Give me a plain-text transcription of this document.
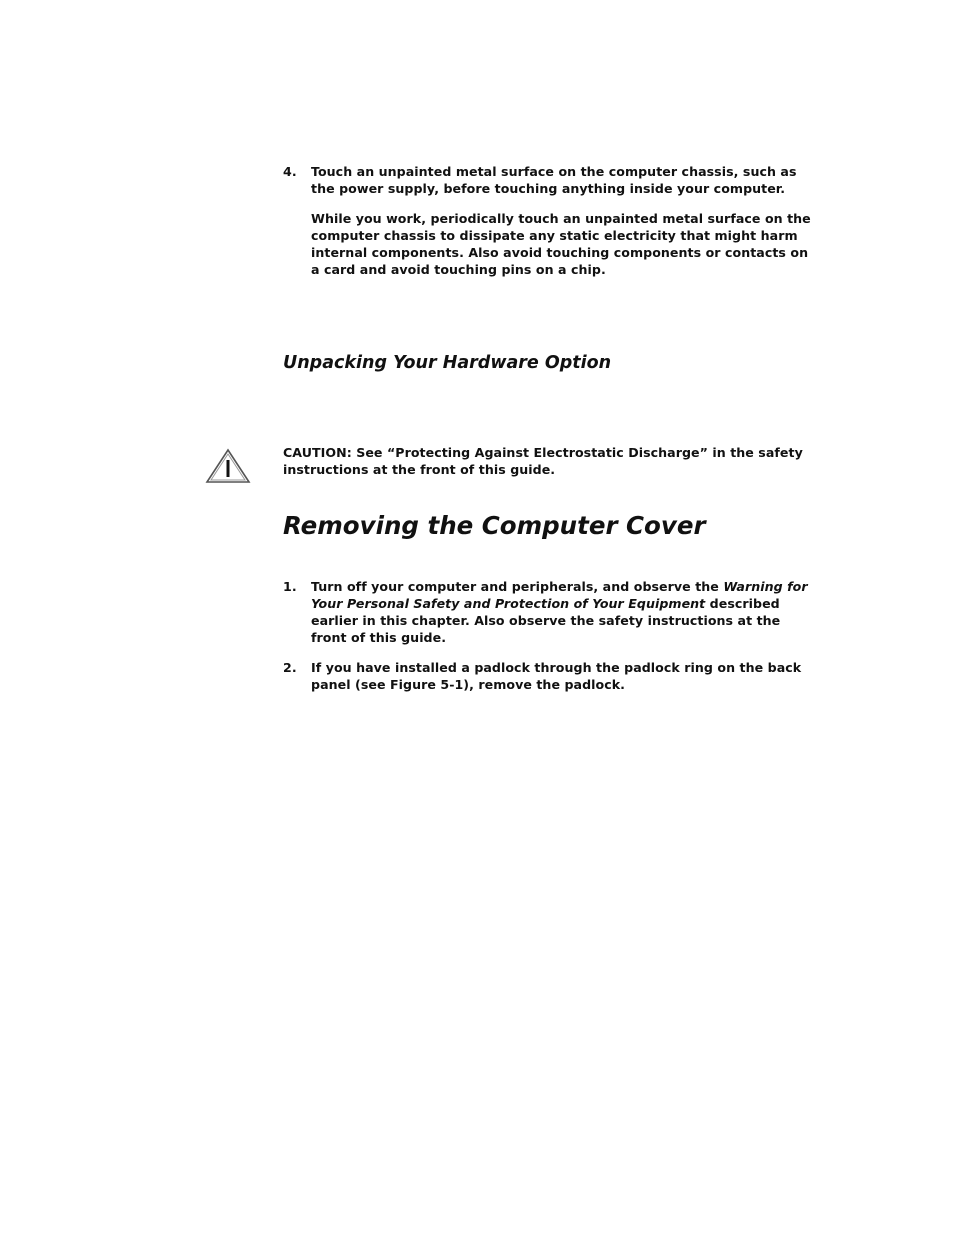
4.	Touch an unpainted metal surface on the computer chassis, such as the power supply, before touching anything inside your computer.

While you work, periodically touch an unpainted metal surface on the computer chassis to dissipate any static electricity that might harm internal components. Also avoid touching components or contacts on a card and avoid touching pins on a chip.

Unpacking Your Hardware Option

CAUTION: See “Protecting Against Electrostatic Discharge” in the safety instructions at the front of this guide.

Removing the Computer Cover
1.	Turn off your computer and peripherals, and observe the Warning for Your Personal Safety and Protection of Your Equipment described earlier in this chapter. Also observe the safety instructions at the front of this guide.

2.	If you have installed a padlock through the padlock ring on the back panel (see Figure 5-1), remove the padlock.
